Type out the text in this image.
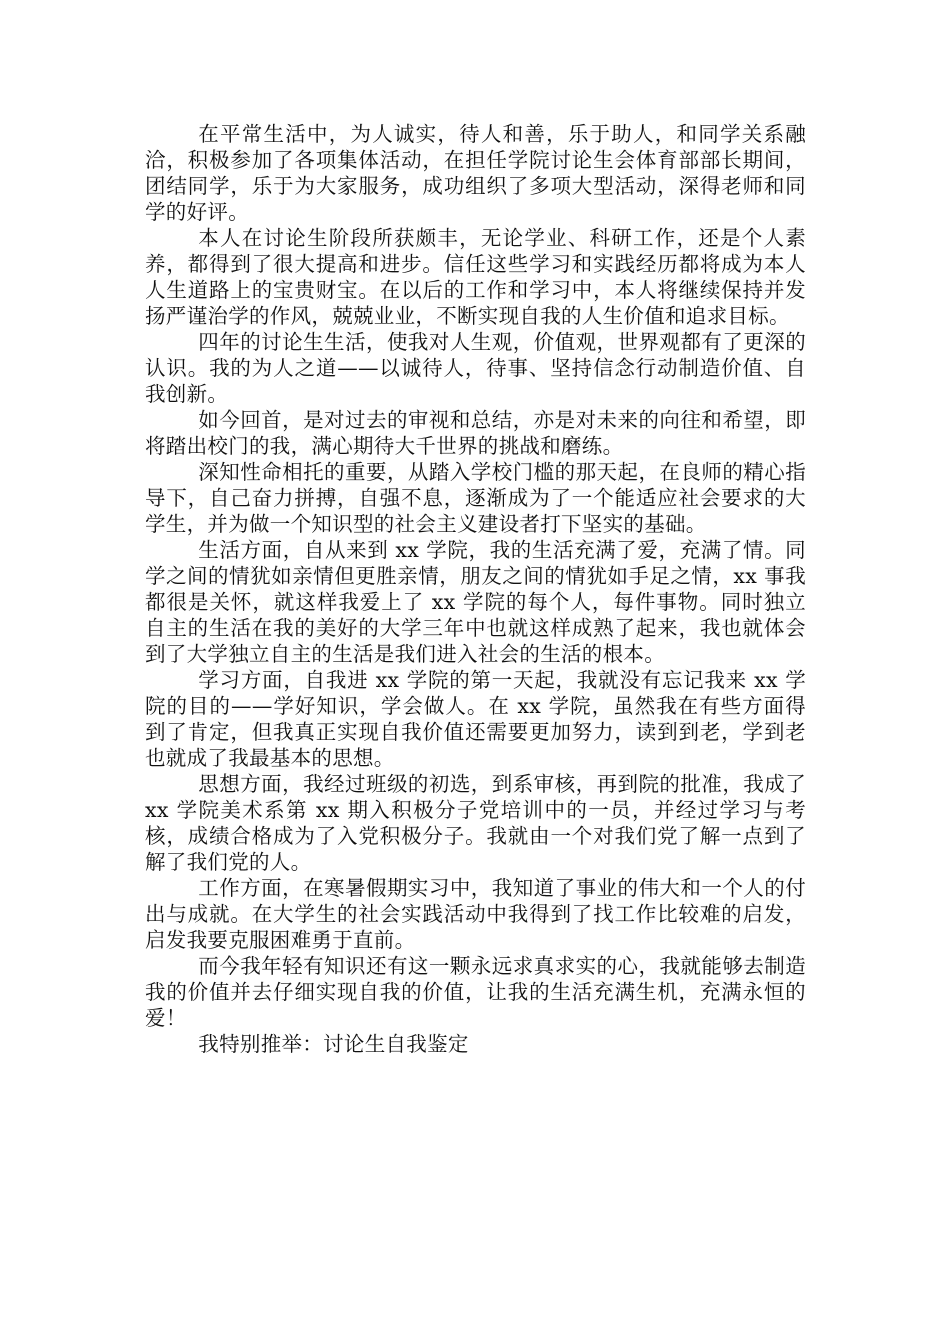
在平常生活中，为人诚实，待人和善，乐于助人，和同学关系融洽，积极参加了各项集体活动，在担任学院讨论生会体育部部长期间，团结同学，乐于为大家服务，成功组织了多项大型活动，深得老师和同学的好评。

本人在讨论生阶段所获颇丰，无论学业、科研工作，还是个人素养，都得到了很大提高和进步。信任这些学习和实践经历都将成为本人人生道路上的宝贵财宝。在以后的工作和学习中，本人将继续保持并发扬严谨治学的作风，兢兢业业，不断实现自我的人生价值和追求目标。

四年的讨论生生活，使我对人生观，价值观，世界观都有了更深的认识。我的为人之道——以诚待人，待事、坚持信念行动制造价值、自我创新。

如今回首，是对过去的审视和总结，亦是对未来的向往和希望，即将踏出校门的我，满心期待大千世界的挑战和磨练。

深知性命相托的重要，从踏入学校门槛的那天起，在良师的精心指导下，自己奋力拼搏，自强不息，逐渐成为了一个能适应社会要求的大学生，并为做一个知识型的社会主义建设者打下坚实的基础。

生活方面，自从来到 xx 学院，我的生活充满了爱，充满了情。同学之间的情犹如亲情但更胜亲情，朋友之间的情犹如手足之情，xx 事我都很是关怀，就这样我爱上了 xx 学院的每个人，每件事物。同时独立自主的生活在我的美好的大学三年中也就这样成熟了起来，我也就体会到了大学独立自主的生活是我们进入社会的生活的根本。

学习方面，自我进 xx 学院的第一天起，我就没有忘记我来 xx 学院的目的——学好知识，学会做人。在 xx 学院，虽然我在有些方面得到了肯定，但我真正实现自我价值还需要更加努力，读到到老，学到老也就成了我最基本的思想。

思想方面，我经过班级的初选，到系审核，再到院的批准，我成了 xx 学院美术系第 xx 期入积极分子党培训中的一员，并经过学习与考核，成绩合格成为了入党积极分子。我就由一个对我们党了解一点到了解了我们党的人。

工作方面，在寒暑假期实习中，我知道了事业的伟大和一个人的付出与成就。在大学生的社会实践活动中我得到了找工作比较难的启发，启发我要克服困难勇于直前。

而今我年轻有知识还有这一颗永远求真求实的心，我就能够去制造我的价值并去仔细实现自我的价值，让我的生活充满生机，充满永恒的爱！

我特别推举：讨论生自我鉴定
